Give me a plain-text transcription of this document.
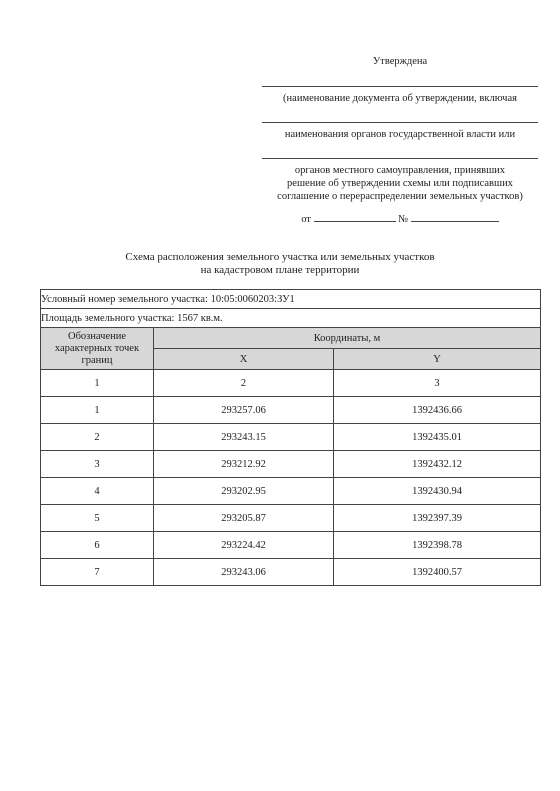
Утверждена
(наименование документа об утверждении, включая
наименования органов государственной власти или
органов местного самоуправления, принявших
решение об утверждении схемы или подписавших
соглашение о перераспределении земельных участков)
от	№
Схема расположения земельного участка или земельных участков
на кадастровом плане территории
Условный номер земельного участка: 10:05:0060203:ЗУ1		
Площадь земельного участка: 1567 кв.м.		
Обозначение характерных точек границ	Координаты, м	
	X	Y
1	2	3
1	293257.06	1392436.66
2	293243.15	1392435.01
3	293212.92	1392432.12
4	293202.95	1392430.94
5	293205.87	1392397.39
6	293224.42	1392398.78
7	293243.06	1392400.57
